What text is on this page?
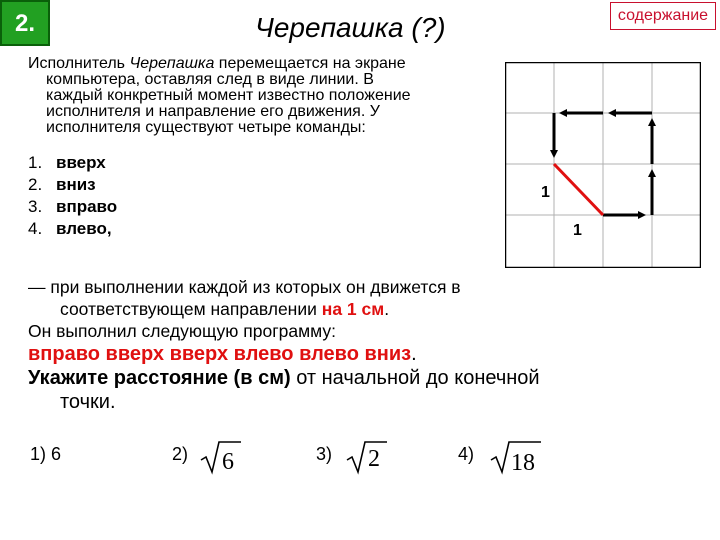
2.	Черепашка (?)	содержание

Исполнитель Черепашка перемещается на экране

компьютера, оставляя след в виде линии. В

каждый конкретный момент известно положение

исполнителя и направление его движения. У

исполнителя существуют четыре команды:

1. вверх
2. вниз
3. вправо
4. влево,
1
1

— при выполнении каждой из которых он движется в

соответствующем направлении на 1 см.

Он выполнил следующую программу:

вправо вверх вверх влево влево вниз.

Укажите расстояние (в см) от начальной до конечной

точки.

1) 6	2) 6	3) 2	4) 18
